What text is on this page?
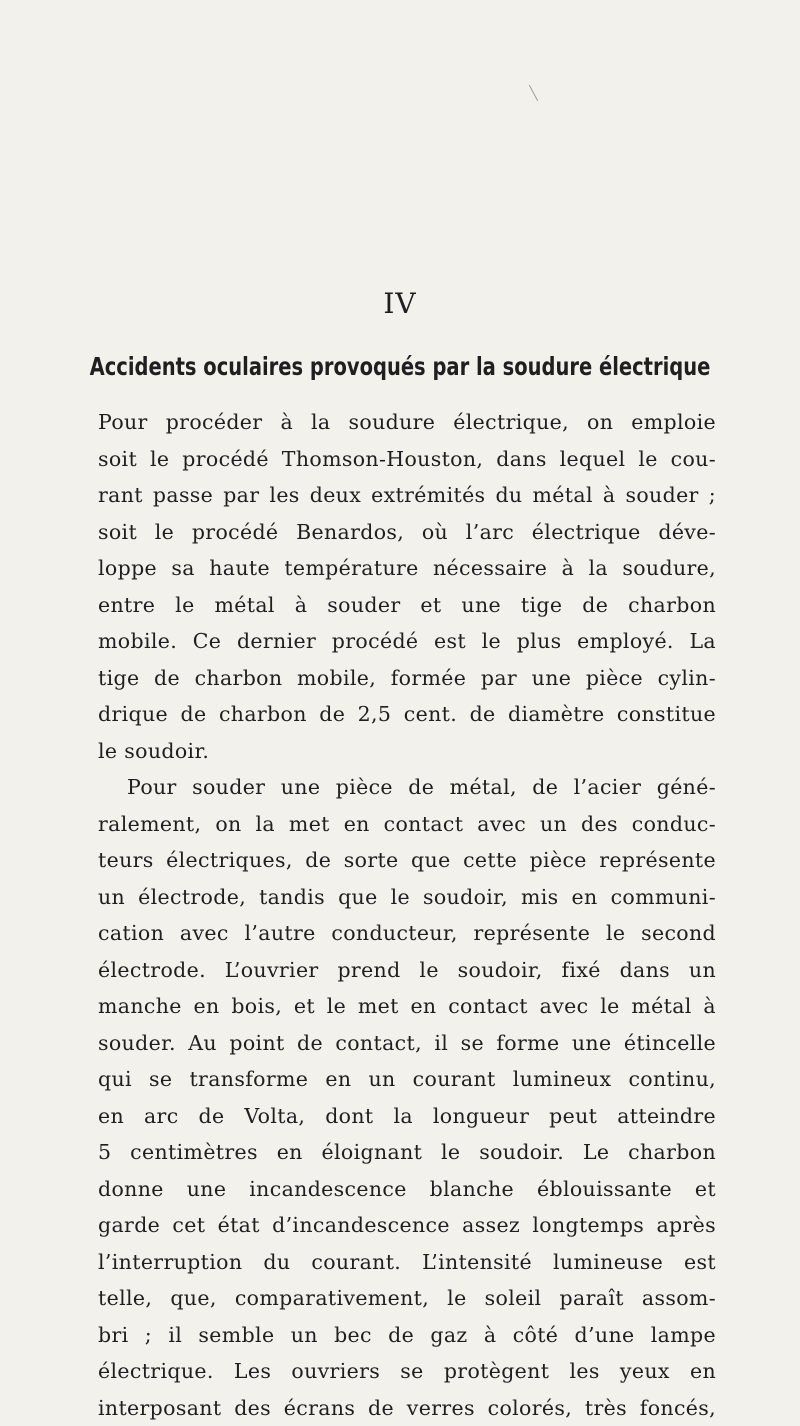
IV
Accidents oculaires provoqués par la soudure électrique
Pour procéder à la soudure électrique, on emploie
soit le procédé Thomson-Houston, dans lequel le cou-
rant passe par les deux extrémités du métal à souder ;
soit le procédé Benardos, où l’arc électrique déve-
loppe sa haute température nécessaire à la soudure,
entre le métal à souder et une tige de charbon
mobile. Ce dernier procédé est le plus employé. La
tige de charbon mobile, formée par une pièce cylin-
drique de charbon de 2,5 cent. de diamètre constitue
le soudoir.
Pour souder une pièce de métal, de l’acier géné-
ralement, on la met en contact avec un des conduc-
teurs électriques, de sorte que cette pièce représente
un électrode, tandis que le soudoir, mis en communi-
cation avec l’autre conducteur, représente le second
électrode. L’ouvrier prend le soudoir, fixé dans un
manche en bois, et le met en contact avec le métal à
souder. Au point de contact, il se forme une étincelle
qui se transforme en un courant lumineux continu,
en arc de Volta, dont la longueur peut atteindre
5 centimètres en éloignant le soudoir. Le charbon
donne une incandescence blanche éblouissante et
garde cet état d’incandescence assez longtemps après
l’interruption du courant. L’intensité lumineuse est
telle, que, comparativement, le soleil paraît assom-
bri ; il semble un bec de gaz à côté d’une lampe
électrique. Les ouvriers se protègent les yeux en
interposant des écrans de verres colorés, très foncés,
